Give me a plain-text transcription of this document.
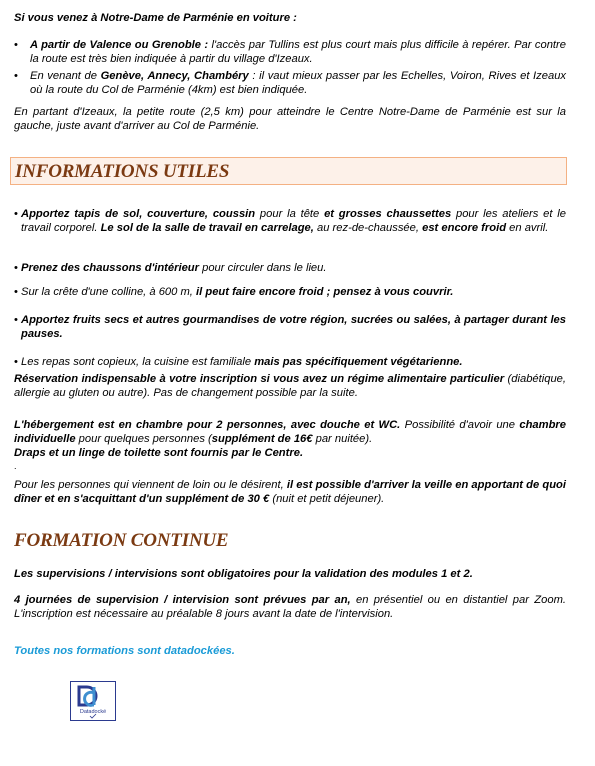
Si vous venez à Notre-Dame de Parménie en voiture :
• A partir de Valence ou Grenoble : l'accès par Tullins est plus court mais plus difficile à repérer. Par contre la route est très bien indiquée à partir du village d'Izeaux.
• En venant de Genève, Annecy, Chambéry : il vaut mieux passer par les Echelles, Voiron, Rives et Izeaux où la route du Col de Parménie (4km) est bien indiquée.
En partant d'Izeaux, la petite route (2,5 km) pour atteindre le Centre Notre-Dame de Parménie est sur la gauche, juste avant d'arriver au Col de Parménie.
INFORMATIONS UTILES
• Apportez tapis de sol, couverture, coussin pour la tête et grosses chaussettes pour les ateliers et le travail corporel. Le sol de la salle de travail en carrelage, au rez-de-chaussée, est encore froid en avril.
• Prenez des chaussons d'intérieur pour circuler dans le lieu.
• Sur la crête d'une colline, à 600 m, il peut faire encore froid ; pensez à vous couvrir.
• Apportez fruits secs et autres gourmandises de votre région, sucrées ou salées, à partager durant les pauses.
• Les repas sont copieux, la cuisine est familiale mais pas spécifiquement végétarienne.
Réservation indispensable à votre inscription si vous avez un régime alimentaire particulier (diabétique, allergie au gluten ou autre). Pas de changement possible par la suite.
L'hébergement est en chambre pour 2 personnes, avec douche et WC. Possibilité d'avoir une chambre individuelle pour quelques personnes (supplément de 16€ par nuitée).
Draps et un linge de toilette sont fournis par le Centre.
.
Pour les personnes qui viennent de loin ou le désirent, il est possible d'arriver la veille en apportant de quoi dîner et en s'acquittant d'un supplément de 30 € (nuit et petit déjeuner).
FORMATION CONTINUE
Les supervisions / intervisions sont obligatoires pour la validation des modules 1 et 2.
4 journées de supervision / intervision sont prévues par an, en présentiel ou en distantiel par Zoom. L'inscription est nécessaire au préalable 8 jours avant la date de l'intervision.
Toutes nos formations sont datadockées.
Datadocké
